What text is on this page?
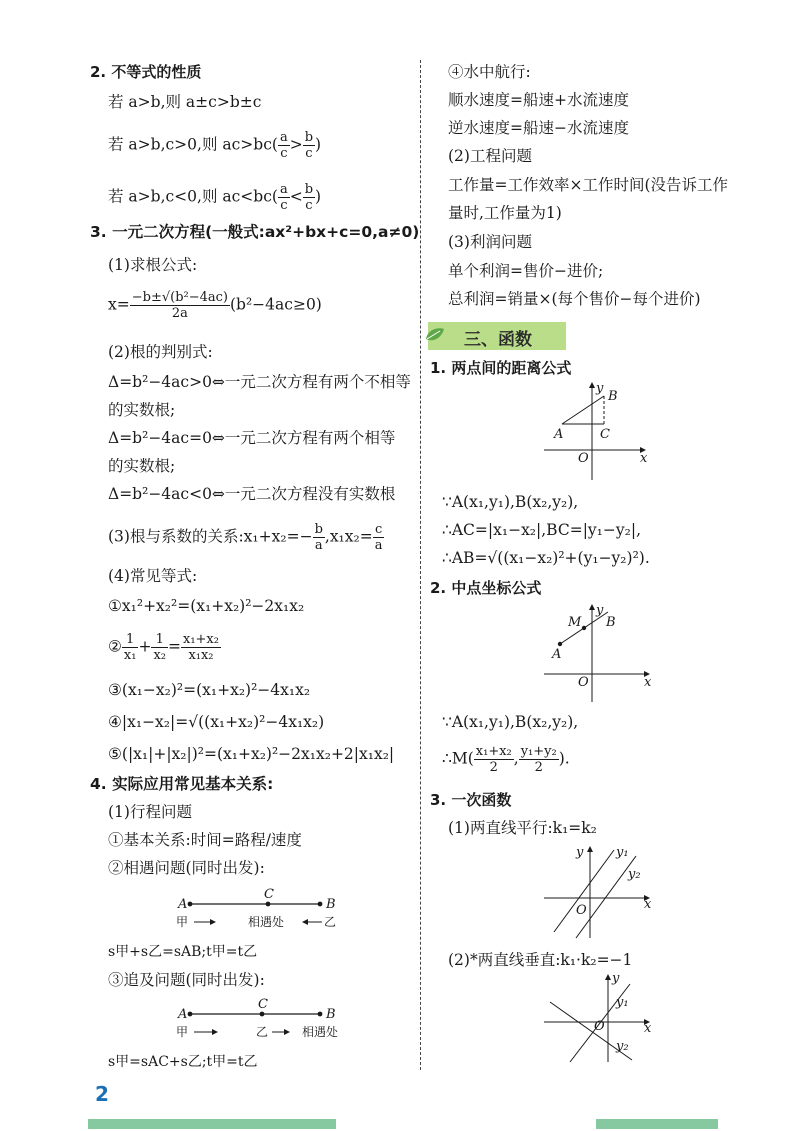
2. 不等式的性质
若 a>b,则 a±c>b±c
若 a>b,c>0,则 $ac>bc( \frac{a}{c} > \frac{b}{c}$ )
若 a>b,c<0,则 $ac<bc( \frac{a}{c} < \frac{b}{c}$ )
3. 一元二次方程(一般式:ax²+bx+c=0,a≠0)
(1)求根公式:
$x= \frac{\text{−b±√(b²−4ac)}}{2a} (b^2-4ac\ge 0)$
(2)根的判别式:
Δ=b²−4ac>0⇔一元二次方程有两个不相等
的实数根;
Δ=b²−4ac=0⇔一元二次方程有两个相等
的实数根;
Δ=b²−4ac<0⇔一元二次方程没有实数根
(3)根与系数的关系:x₁+x₂=− $\frac{b}{a} ,x_1x_2= \frac{c}{a}$
(4)常见等式:
①x₁²+x₂²=(x₁+x₂)²−2x₁x₂
② $\frac{1}{\text{x₁}} + \frac{1}{\text{x₂}} = \frac{\text{x₁+x₂}}{\text{x₁x₂}}$
③(x₁−x₂)²=(x₁+x₂)²−4x₁x₂
④|x₁−x₂|=√((x₁+x₂)²−4x₁x₂)
⑤(|x₁|+|x₂|)²=(x₁+x₂)²−2x₁x₂+2|x₁x₂|
4. 实际应用常见基本关系:
(1)行程问题
①基本关系:时间=路程/速度
②相遇问题(同时出发):
A
C
B
甲	相遇处	乙
s甲+s乙=sAB;t甲=t乙
③追及问题(同时出发):
A
C
B
甲	乙	相遇处
s甲=sAC+s乙;t甲=t乙
④水中航行:
顺水速度=船速+水流速度
逆水速度=船速−水流速度
(2)工程问题
工作量=工作效率×工作时间(没告诉工作
量时,工作量为1)
(3)利润问题
单个利润=售价−进价;
总利润=销量×(每个售价−每个进价)
1. 两点间的距离公式
A
B
C
O	x
y
∵A(x₁,y₁),B(x₂,y₂),
∴AC=|x₁−x₂|,BC=|y₁−y₂|,
∴AB=√((x₁−x₂)²+(y₁−y₂)²).
2. 中点坐标公式
A
M B
O	x
y
∵A(x₁,y₁),B(x₂,y₂),
∴M( $\frac{\text{x₁+x₂}}{2}$ , $\frac{\text{y₁+y₂}}{2}$ ).
3. 一次函数
(1)两直线平行:k₁=k₂
y	y₁
y₂
O	x
(2)*两直线垂直:k₁·k₂=−1
y
y₁
y₂
O	x
三、函数
2
